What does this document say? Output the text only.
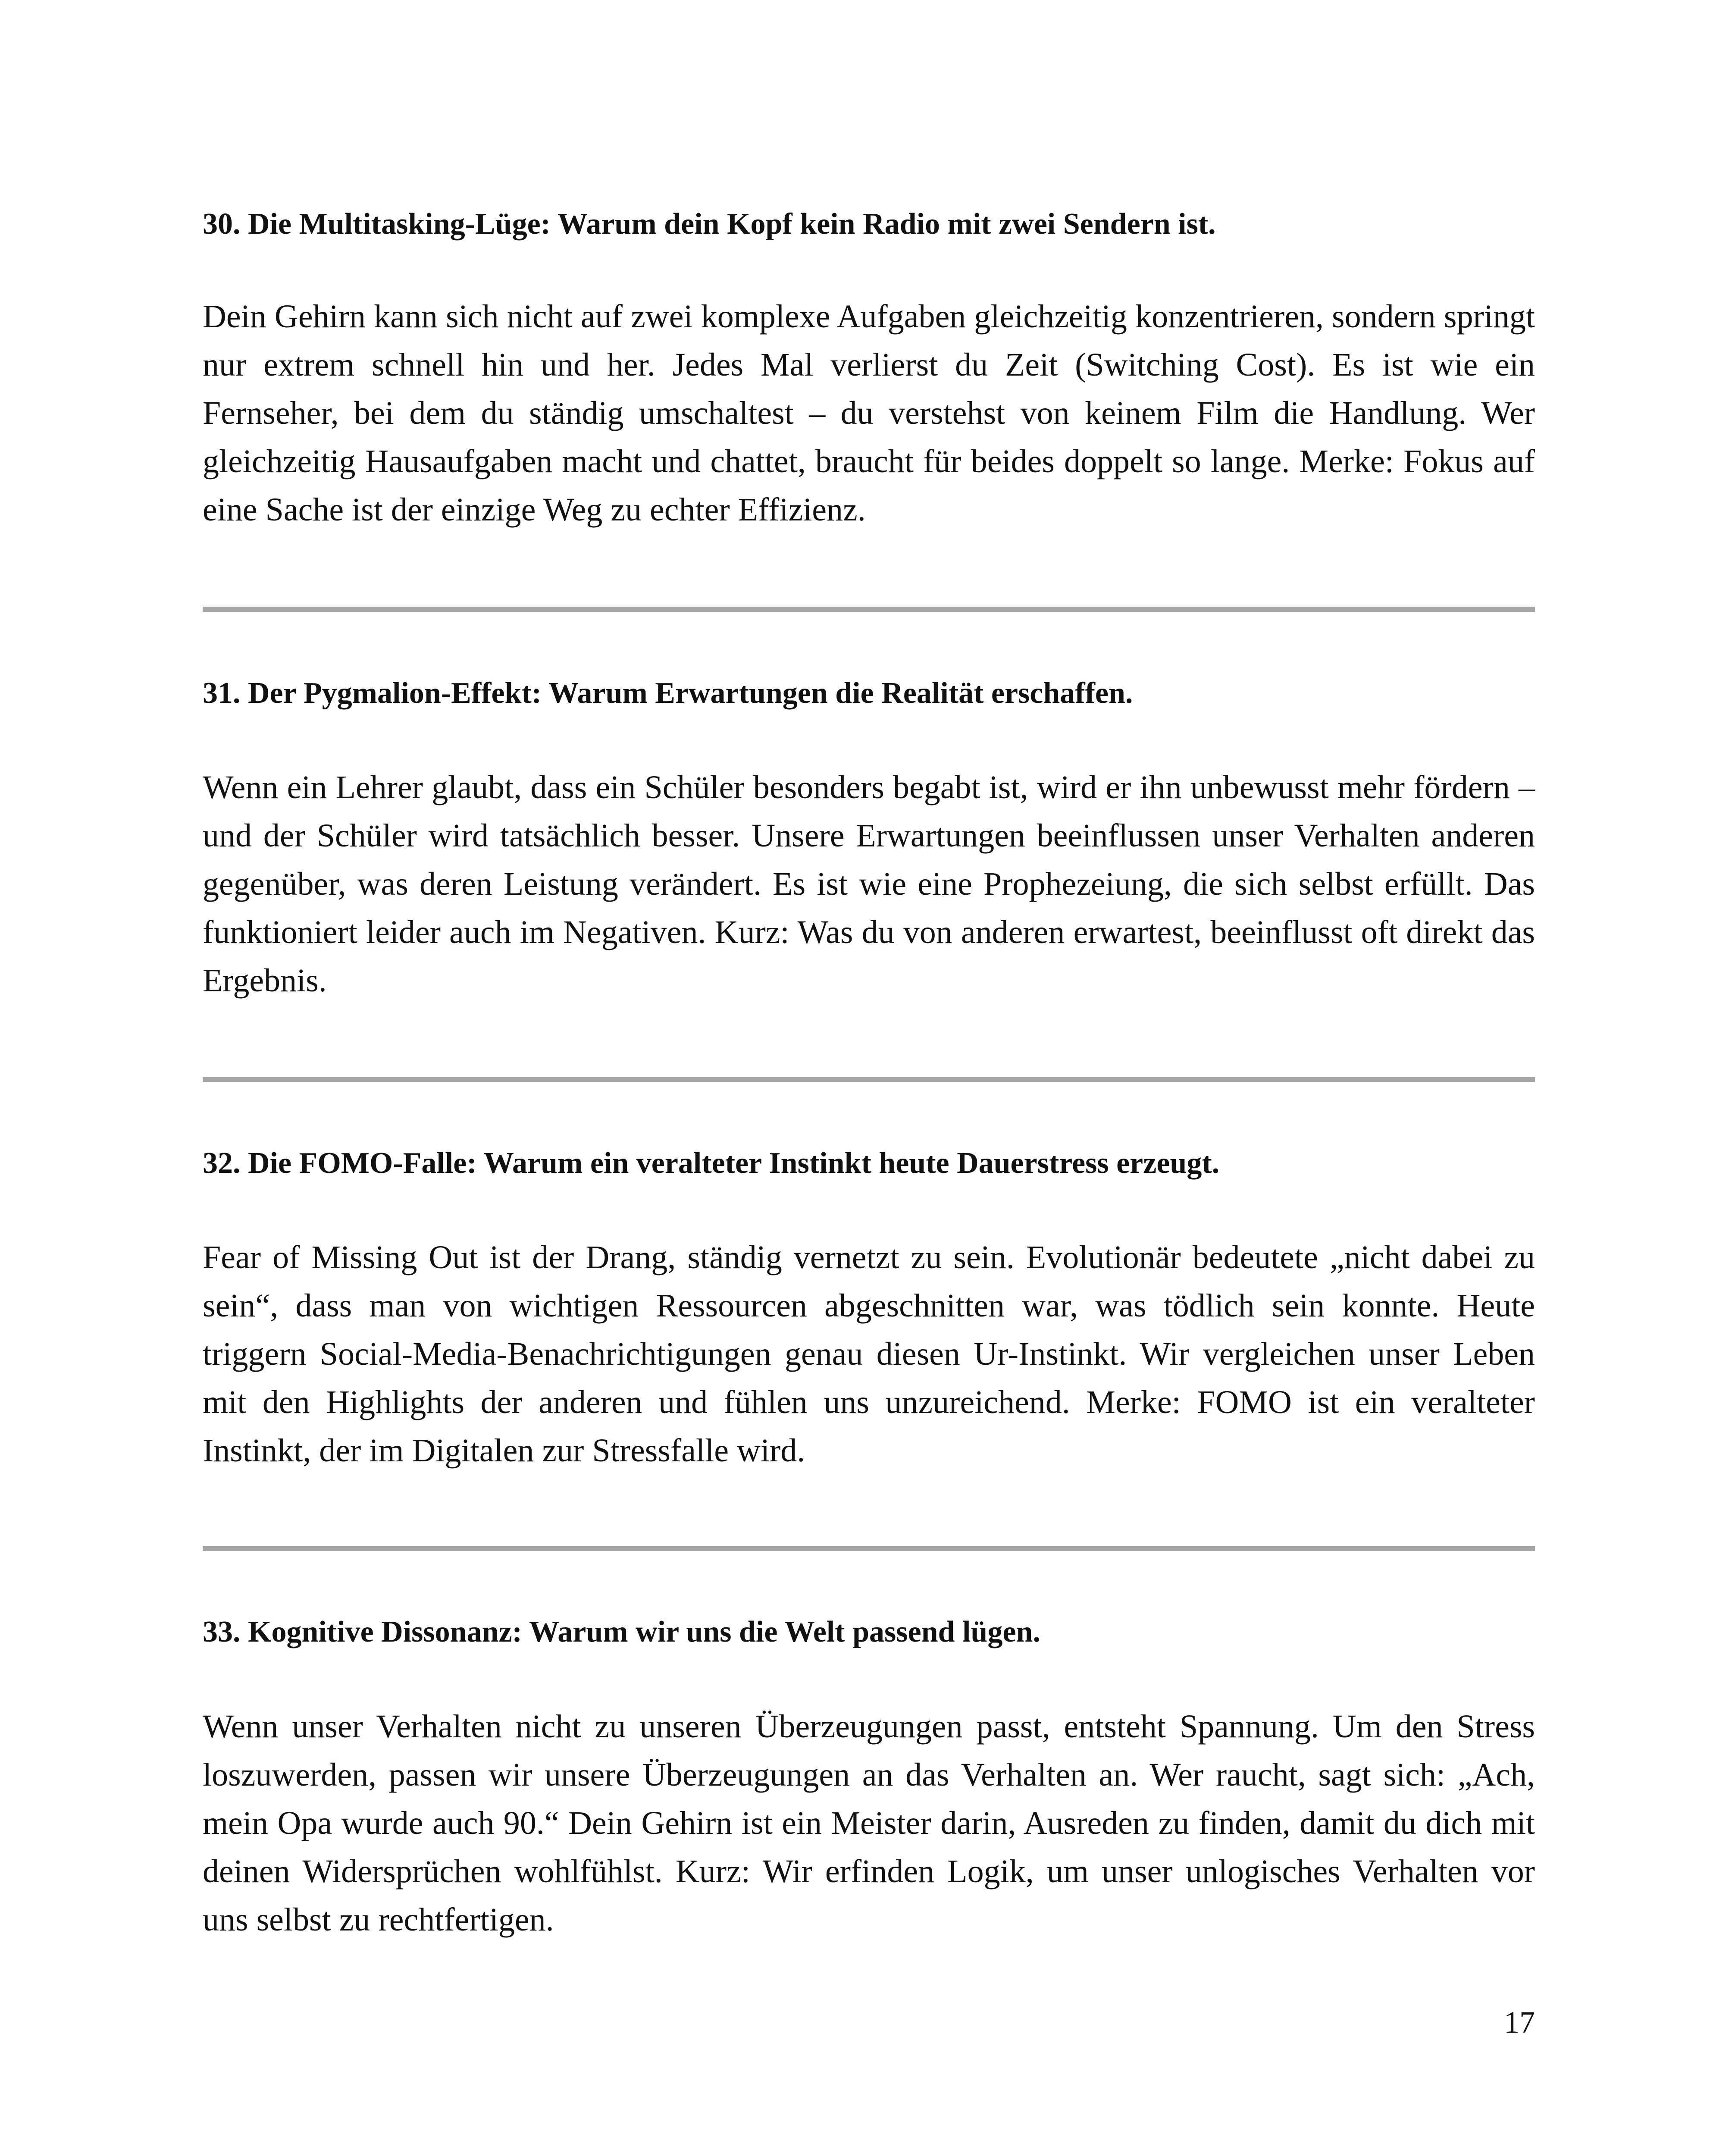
30. Die Multitasking-Lüge: Warum dein Kopf kein Radio mit zwei Sendern ist.

Dein Gehirn kann sich nicht auf zwei komplexe Aufgaben gleichzeitig konzentrieren, sondern springt nur extrem schnell hin und her. Jedes Mal verlierst du Zeit (Switching Cost). Es ist wie ein Fernseher, bei dem du ständig umschaltest – du verstehst von keinem Film die Handlung. Wer gleichzeitig Hausaufgaben macht und chattet, braucht für beides doppelt so lange. Merke: Fokus auf eine Sache ist der einzige Weg zu echter Effizienz.

31. Der Pygmalion-Effekt: Warum Erwartungen die Realität erschaffen.

Wenn ein Lehrer glaubt, dass ein Schüler besonders begabt ist, wird er ihn unbewusst mehr fördern – und der Schüler wird tatsächlich besser. Unsere Erwartungen beeinflussen unser Verhalten anderen gegenüber, was deren Leistung verändert. Es ist wie eine Prophezeiung, die sich selbst erfüllt. Das funktioniert leider auch im Negativen. Kurz: Was du von anderen erwartest, beeinflusst oft direkt das Ergebnis.

32. Die FOMO-Falle: Warum ein veralteter Instinkt heute Dauerstress erzeugt.

Fear of Missing Out ist der Drang, ständig vernetzt zu sein. Evolutionär bedeutete „nicht dabei zu sein“, dass man von wichtigen Ressourcen abgeschnitten war, was tödlich sein konnte. Heute triggern Social-Media-Benachrichtigungen genau diesen Ur-Instinkt. Wir vergleichen unser Leben mit den Highlights der anderen und fühlen uns unzureichend. Merke: FOMO ist ein veralteter Instinkt, der im Digitalen zur Stressfalle wird.

33. Kognitive Dissonanz: Warum wir uns die Welt passend lügen.

Wenn unser Verhalten nicht zu unseren Überzeugungen passt, entsteht Spannung. Um den Stress loszuwerden, passen wir unsere Überzeugungen an das Verhalten an. Wer raucht, sagt sich: „Ach, mein Opa wurde auch 90.“ Dein Gehirn ist ein Meister darin, Ausreden zu finden, damit du dich mit deinen Widersprüchen wohlfühlst. Kurz: Wir erfinden Logik, um unser unlogisches Verhalten vor uns selbst zu rechtfertigen.

17
